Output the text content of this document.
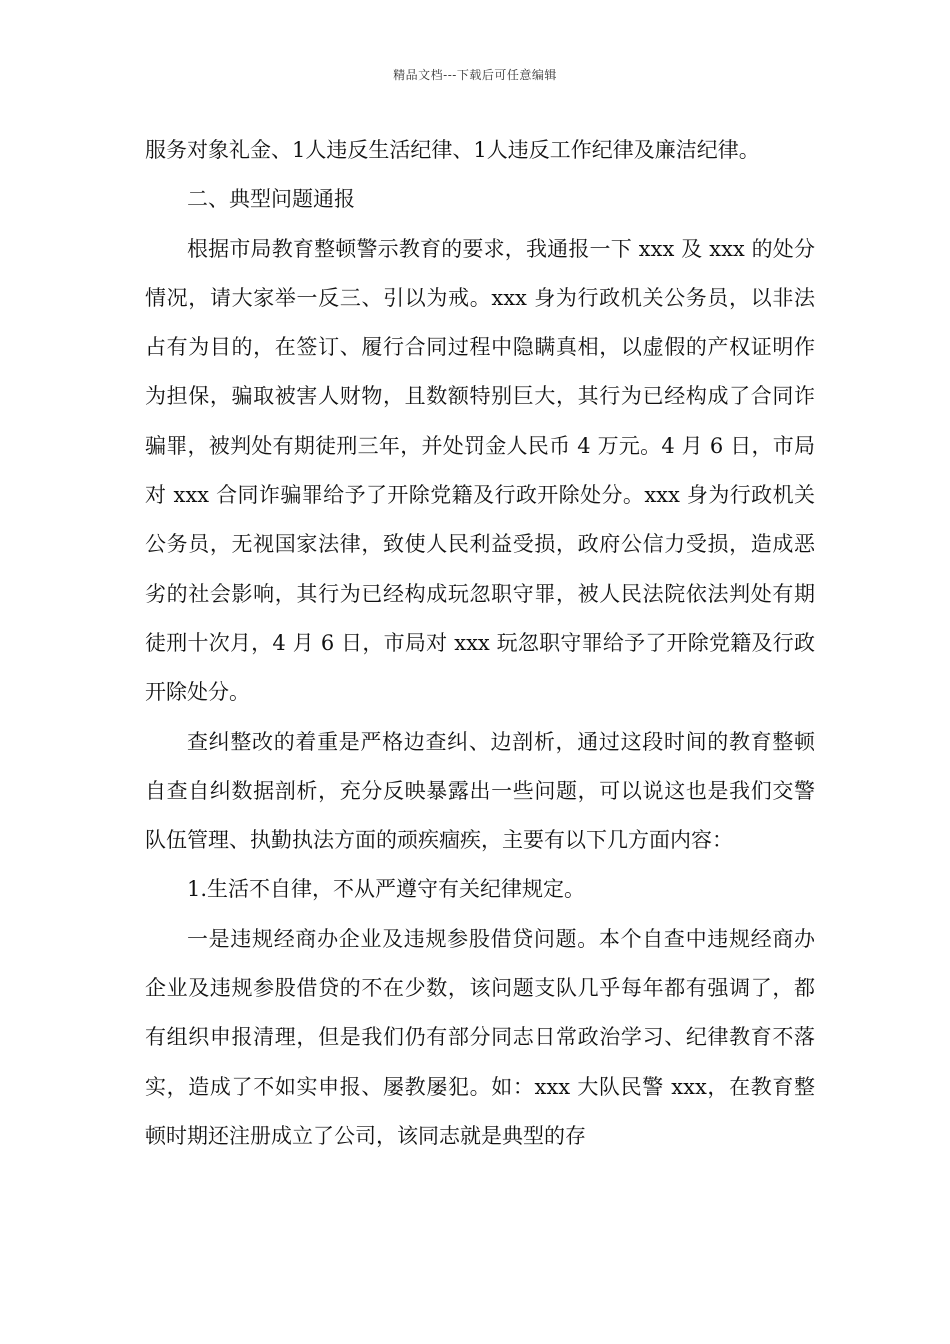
精品文档---下载后可任意编辑

服务对象礼金、1人违反生活纪律、1人违反工作纪律及廉洁纪律。

二、典型问题通报

根据市局教育整顿警示教育的要求，我通报一下 xxx 及 xxx 的处分情况，请大家举一反三、引以为戒。xxx 身为行政机关公务员，以非法占有为目的，在签订、履行合同过程中隐瞒真相，以虚假的产权证明作为担保，骗取被害人财物，且数额特别巨大，其行为已经构成了合同诈骗罪，被判处有期徒刑三年，并处罚金人民币 4 万元。4 月 6 日，市局对 xxx 合同诈骗罪给予了开除党籍及行政开除处分。xxx 身为行政机关公务员，无视国家法律，致使人民利益受损，政府公信力受损，造成恶劣的社会影响，其行为已经构成玩忽职守罪，被人民法院依法判处有期徒刑十次月，4 月 6 日，市局对 xxx 玩忽职守罪给予了开除党籍及行政开除处分。

查纠整改的着重是严格边查纠、边剖析，通过这段时间的教育整顿自查自纠数据剖析，充分反映暴露出一些问题，可以说这也是我们交警队伍管理、执勤执法方面的顽疾痼疾，主要有以下几方面内容：

1.生活不自律，不从严遵守有关纪律规定。

一是违规经商办企业及违规参股借贷问题。本个自查中违规经商办企业及违规参股借贷的不在少数，该问题支队几乎每年都有强调了，都有组织申报清理，但是我们仍有部分同志日常政治学习、纪律教育不落实，造成了不如实申报、屡教屡犯。如：xxx 大队民警 xxx，在教育整顿时期还注册成立了公司，该同志就是典型的存
